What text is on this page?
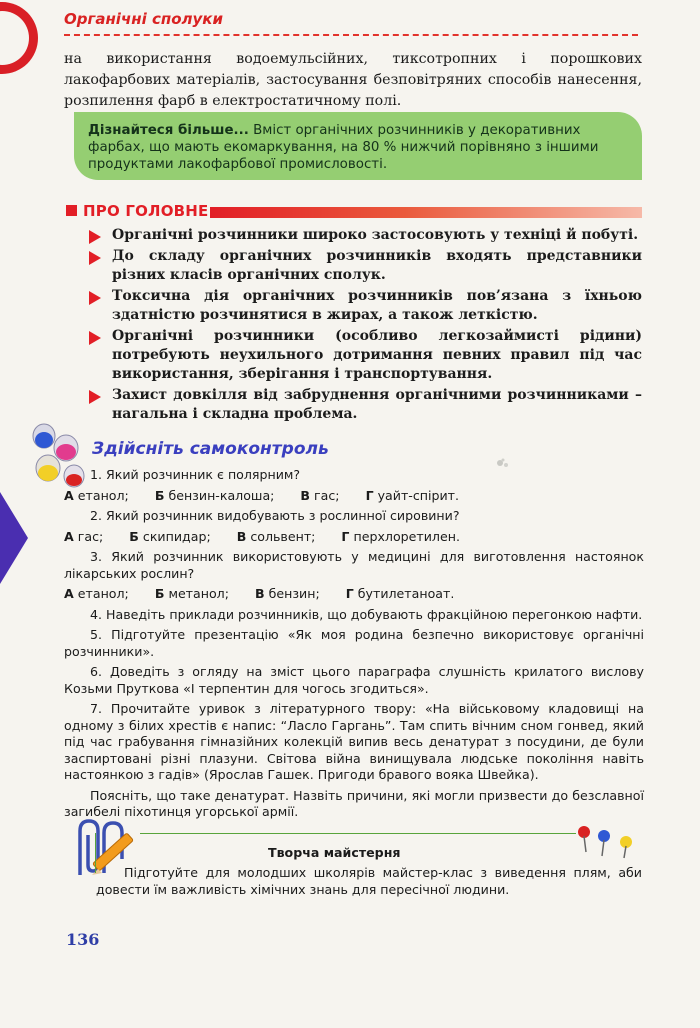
Органічні сполуки
на використання водоемульсійних, тиксотропних і порошкових лакофарбових матеріалів, застосування безповітряних способів нанесення, розпилення фарб в електростатичному полі.
Дізнайтеся більше... Вміст органічних розчинників у декоративних фарбах, що мають екомаркування, на 80 % нижчий порівняно з іншими продуктами лакофарбової промисловості.
ПРО ГОЛОВНЕ
Органічні розчинники широко застосовують у техніці й побуті.
До складу органічних розчинників входять представники різних класів органічних сполук.
Токсична дія органічних розчинників пов’язана з їхньою здатністю розчинятися в жирах, а також леткістю.
Органічні розчинники (особливо легкозаймисті рідини) потребують неухильного дотримання певних правил під час використання, зберігання і транспортування.
Захист довкілля від забруднення органічними розчинниками – нагальна і складна проблема.
Здійсніть самоконтроль

1. Який розчинник є полярним?

А етанол; Б бензин-калоша; В гас; Г уайт-спірит.

2. Який розчинник видобувають з рослинної сировини?

А гас; Б скипидар; В сольвент; Г перхлоретилен.

3. Який розчинник використовують у медицині для виготовлення настоянок лікарських рослин?

А етанол; Б метанол; В бензин; Г бутилетаноат.

4. Наведіть приклади розчинників, що добувають фракційною перегонкою нафти.

5. Підготуйте презентацію «Як моя родина безпечно використовує органічні розчинники».

6. Доведіть з огляду на зміст цього параграфа слушність крилатого вислову Козьми Пруткова «І терпентин для чогось згодиться».

7. Прочитайте уривок з літературного твору: «На військовому кладовищі на одному з білих хрестів є напис: “Ласло Гаргань”. Там спить вічним сном гонвед, який під час грабування гімназійних колекцій випив весь денатурат з посудини, де були заспиртовані різні плазуни. Світова війна винищувала людське покоління навіть настоянкою з гадів» (Ярослав Гашек. Пригоди бравого вояка Швейка).

Поясніть, що таке денатурат. Назвіть причини, які могли призвести до безславної загибелі піхотинця угорської армії.

Творча майстерня
Підготуйте для молодших школярів майстер-клас з виведення плям, аби довести їм важливість хімічних знань для пересічної людини.
136
